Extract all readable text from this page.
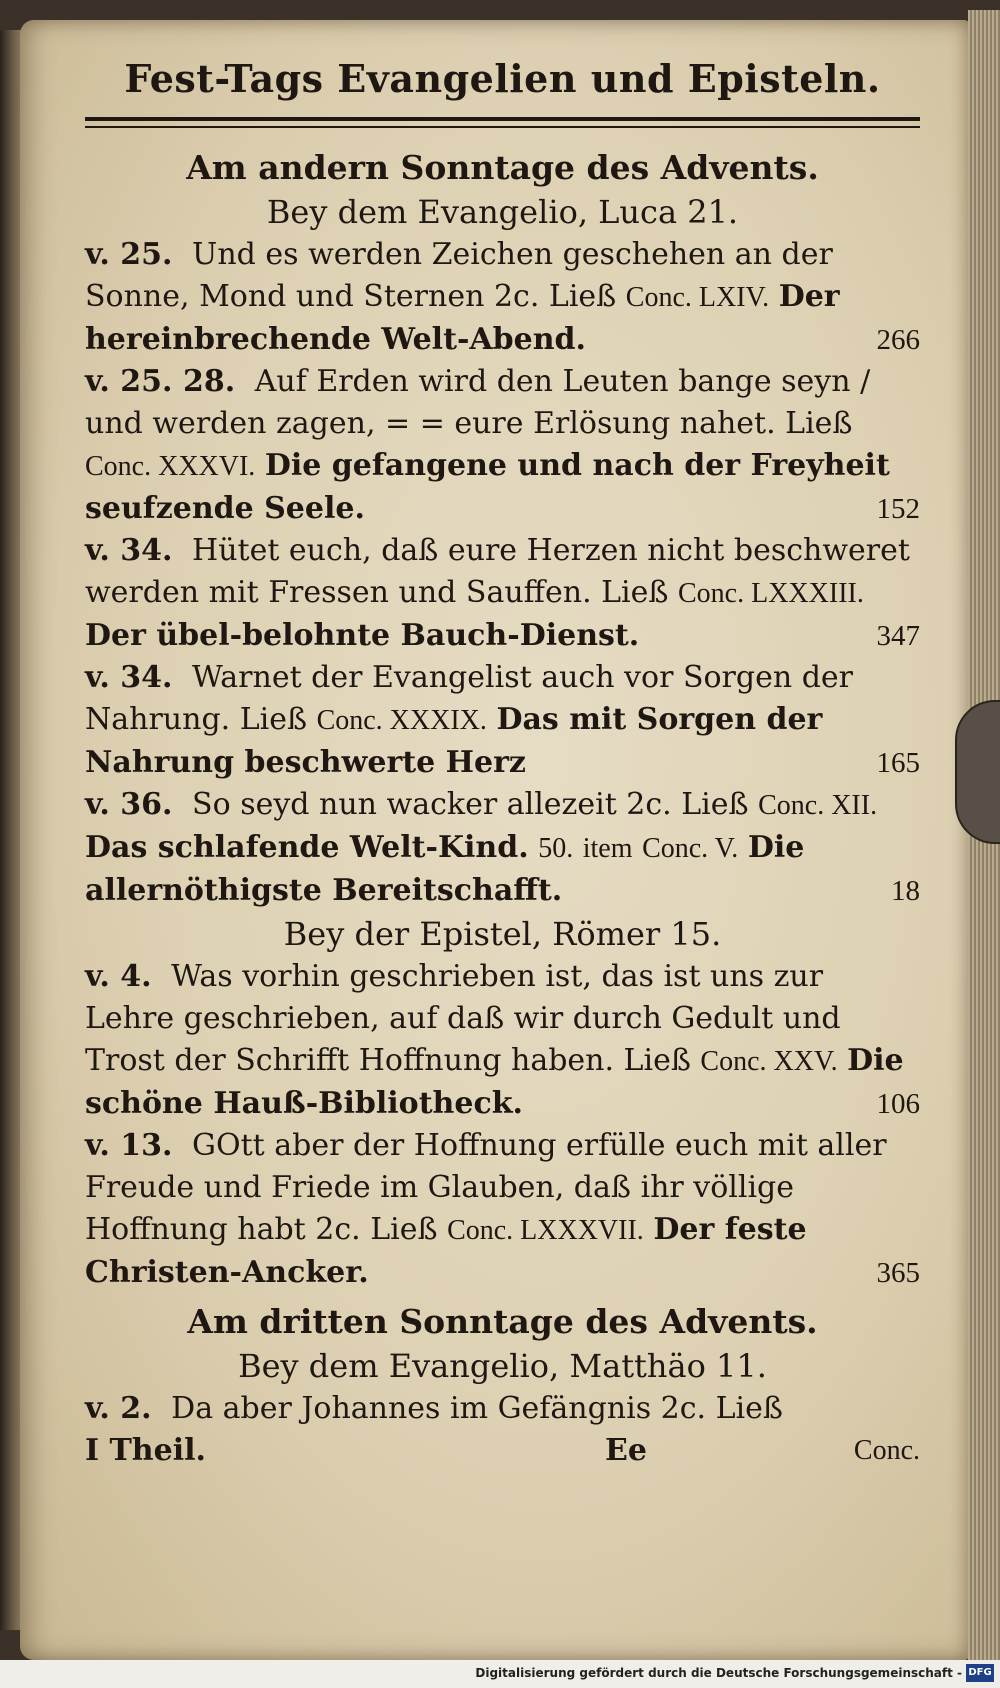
Fest-Tags Evangelien und Episteln.

Am andern Sonntage des Advents.

Bey dem Evangelio, Luca 21.

v. 25. Und es werden Zeichen geschehen an der Sonne, Mond und Sternen 2c. Ließ Conc. LXIV. Der hereinbrechende Welt-Abend.	266
v. 25. 28. Auf Erden wird den Leuten bange seyn / und werden zagen, = = eure Erlösung nahet. Ließ Conc. XXXVI. Die gefangene und nach der Freyheit seufzende Seele.	152
v. 34. Hütet euch, daß eure Herzen nicht beschweret werden mit Fressen und Sauffen. Ließ Conc. LXXXIII. Der übel-belohnte Bauch-Dienst.	347
v. 34. Warnet der Evangelist auch vor Sorgen der Nahrung. Ließ Conc. XXXIX. Das mit Sorgen der Nahrung beschwerte Herz	165
v. 36. So seyd nun wacker allezeit 2c. Ließ Conc. XII. Das schlafende Welt-Kind. 50. item Conc. V. Die allernöthigste Bereitschafft.	18

Bey der Epistel, Römer 15.

v. 4. Was vorhin geschrieben ist, das ist uns zur Lehre geschrieben, auf daß wir durch Gedult und Trost der Schrifft Hoffnung haben. Ließ Conc. XXV. Die schöne Hauß-Bibliotheck.	106
v. 13. GOtt aber der Hoffnung erfülle euch mit aller Freude und Friede im Glauben, daß ihr völlige Hoffnung habt 2c. Ließ Conc. LXXXVII. Der feste Christen-Ancker.	365

Am dritten Sonntage des Advents.

Bey dem Evangelio, Matthäo 11.

v. 2. Da aber Johannes im Gefängnis 2c. Ließ
I Theil.	Ee	Conc.
Digitalisierung gefördert durch die Deutsche Forschungsgemeinschaft - DFG
